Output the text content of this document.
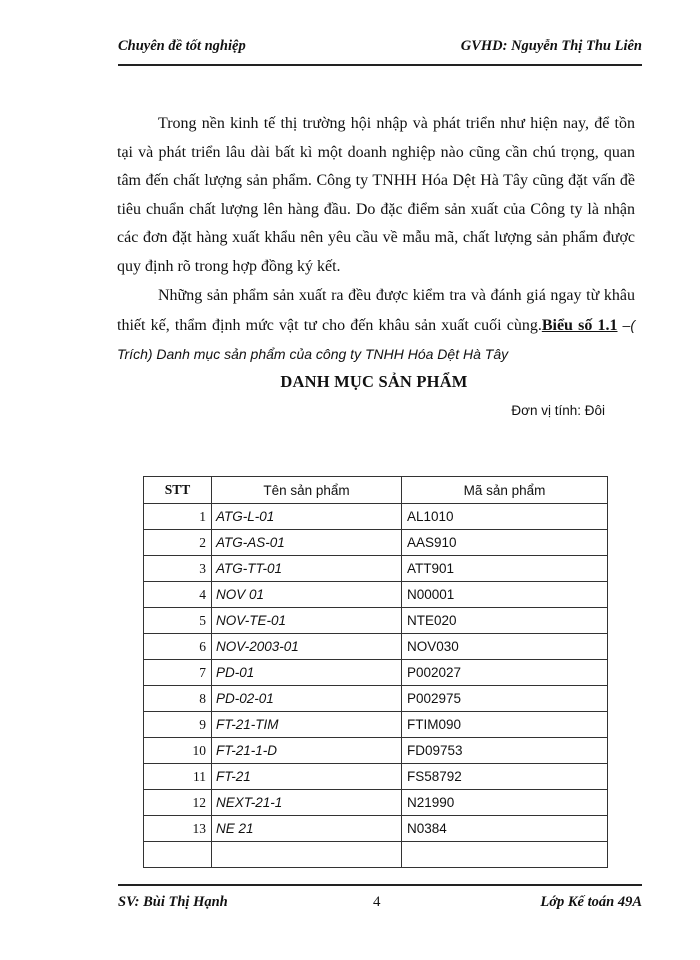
Chuyên đề tốt nghiệp	GVHD: Nguyễn Thị Thu Liên
Trong nền kinh tế thị trường hội nhập và phát triển như hiện nay, để tồn tại và phát triển lâu dài bất kì một doanh nghiệp nào cũng cần chú trọng, quan tâm đến chất lượng sản phẩm. Công ty TNHH Hóa Dệt Hà Tây cũng đặt vấn đề tiêu chuẩn chất lượng lên hàng đầu. Do đặc điểm sản xuất của Công ty là nhận các đơn đặt hàng xuất khẩu nên yêu cầu về mẫu mã, chất lượng sản phẩm được quy định rõ trong hợp đồng ký kết.
Những sản phẩm sản xuất ra đều được kiểm tra và đánh giá ngay từ khâu thiết kế, thẩm định mức vật tư cho đến khâu sản xuất cuối cùng.Biểu số 1.1 –( Trích) Danh mục sản phẩm của công ty TNHH Hóa Dệt Hà Tây
DANH MỤC SẢN PHẨM
Đơn vị tính: Đôi
STT	Tên sản phẩm	Mã sản phẩm
1	ATG-L-01	AL1010
2	ATG-AS-01	AAS910
3	ATG-TT-01	ATT901
4	NOV 01	N00001
5	NOV-TE-01	NTE020
6	NOV-2003-01	NOV030
7	PD-01	P002027
8	PD-02-01	P002975
9	FT-21-TIM	FTIM090
10	FT-21-1-D	FD09753
11	FT-21	FS58792
12	NEXT-21-1	N21990
13	NE 21	N0384

SV: Bùi Thị Hạnh	4	Lớp Kế toán 49A
